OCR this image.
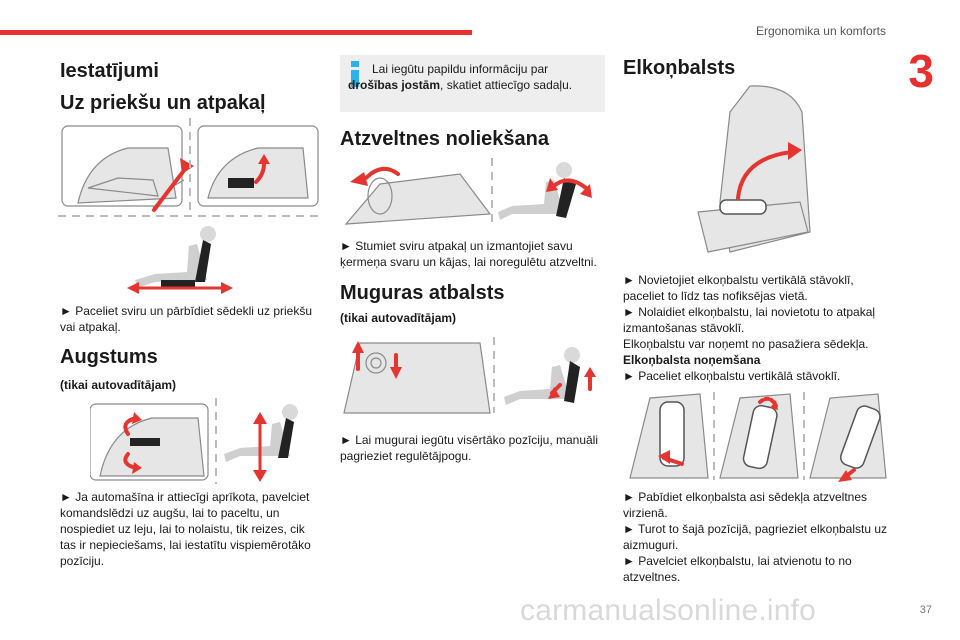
Ergonomika un komforts
3
Iestatījumi
Uz priekšu un atpakaļ

► Paceliet sviru un pārbīdiet sēdekli uz priekšu vai atpakaļ.

Augstums
(tikai autovadītājam)

► Ja automašīna ir attiecīgi aprīkota, pavelciet komandslēdzi uz augšu, lai to paceltu, un nospiediet uz leju, lai to nolaistu, tik reizes, cik tas ir nepieciešams, lai iestatītu vispiemērotāko pozīciju.

Lai iegūtu papildu informāciju par drošības jostām, skatiet attiecīgo sadaļu.
Atzveltnes noliekšana

► Stumiet sviru atpakaļ un izmantojiet savu ķermeņa svaru un kājas, lai noregulētu atzveltni.

Muguras atbalsts
(tikai autovadītājam)

► Lai mugurai iegūtu visērtāko pozīciju, manuāli pagrieziet regulētājpogu.

Elkoņbalsts

► Novietojiet elkoņbalstu vertikālā stāvoklī, paceliet to līdz tas nofiksējas vietā.

► Nolaidiet elkoņbalstu, lai novietotu to atpakaļ izmantošanas stāvoklī.

Elkoņbalstu var noņemt no pasažiera sēdekļa.

Elkoņbalsta noņemšana

► Paceliet elkoņbalstu vertikālā stāvoklī.

► Pabīdiet elkoņbalsta asi sēdekļa atzveltnes virzienā.

► Turot to šajā pozīcijā, pagrieziet elkoņbalstu uz aizmuguri.

► Pavelciet elkoņbalstu, lai atvienotu to no atzveltnes.

carmanualsonline.info	37
